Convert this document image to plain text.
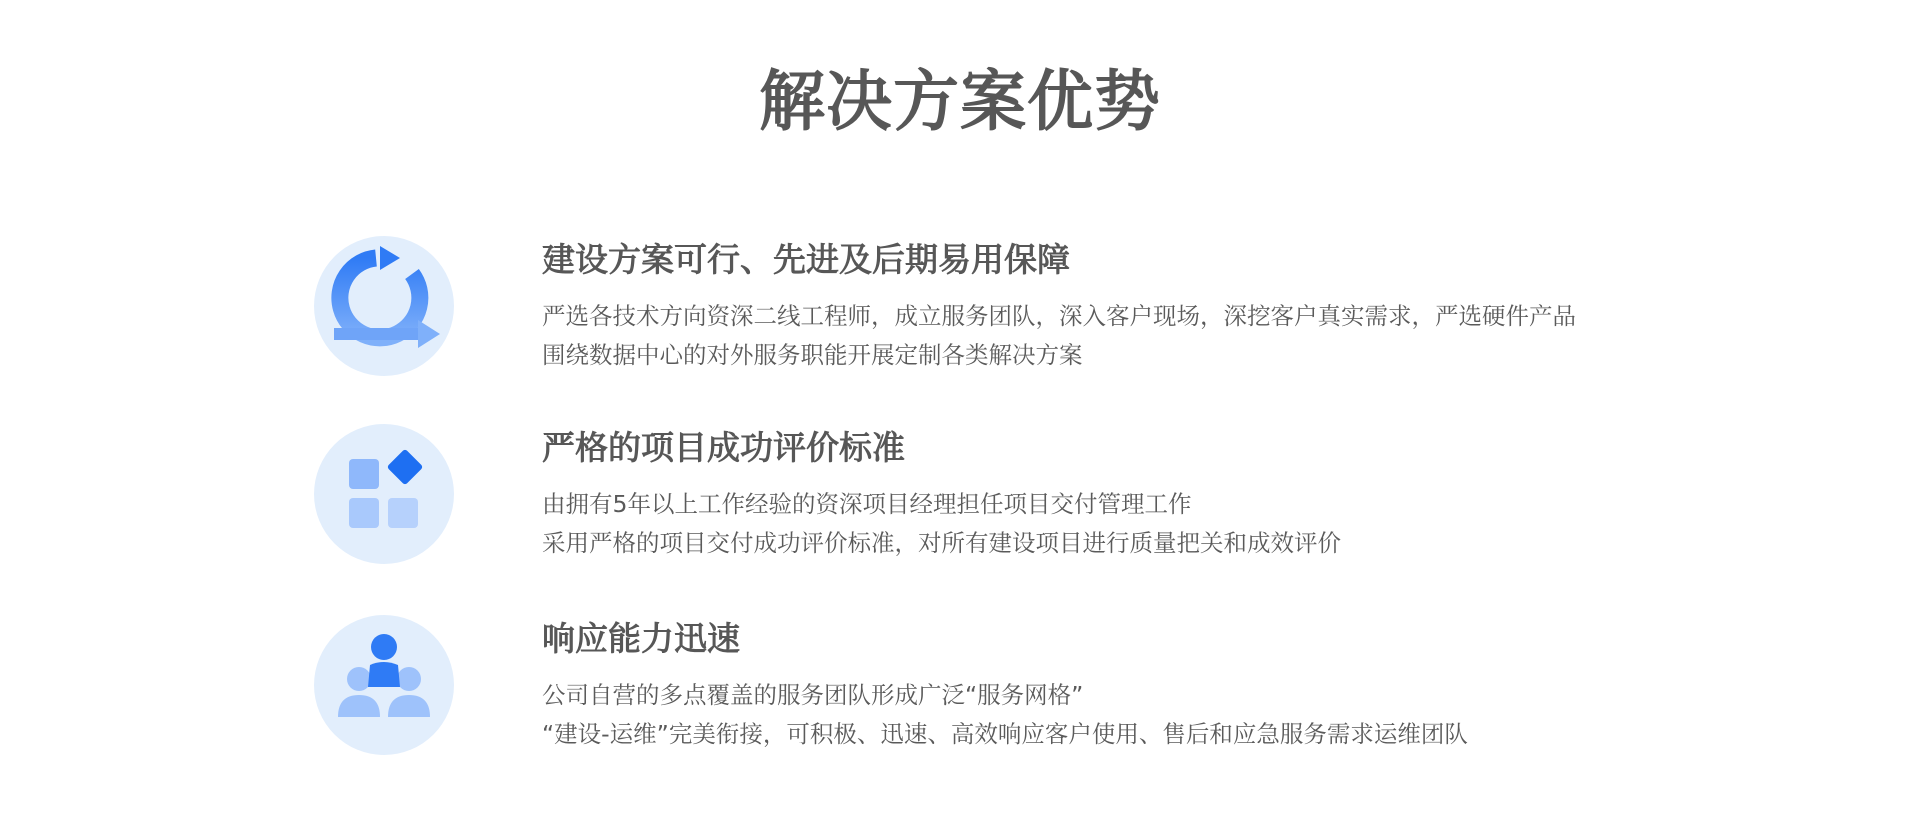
解决方案优势
建设方案可行、先进及后期易用保障

严选各技术方向资深二线工程师，成立服务团队，深入客户现场，深挖客户真实需求，严选硬件产品

围绕数据中心的对外服务职能开展定制各类解决方案

严格的项目成功评价标准

由拥有5年以上工作经验的资深项目经理担任项目交付管理工作

采用严格的项目交付成功评价标准，对所有建设项目进行质量把关和成效评价

响应能力迅速

公司自营的多点覆盖的服务团队形成广泛“服务网格”

“建设-运维”完美衔接，可积极、迅速、高效响应客户使用、售后和应急服务需求运维团队
